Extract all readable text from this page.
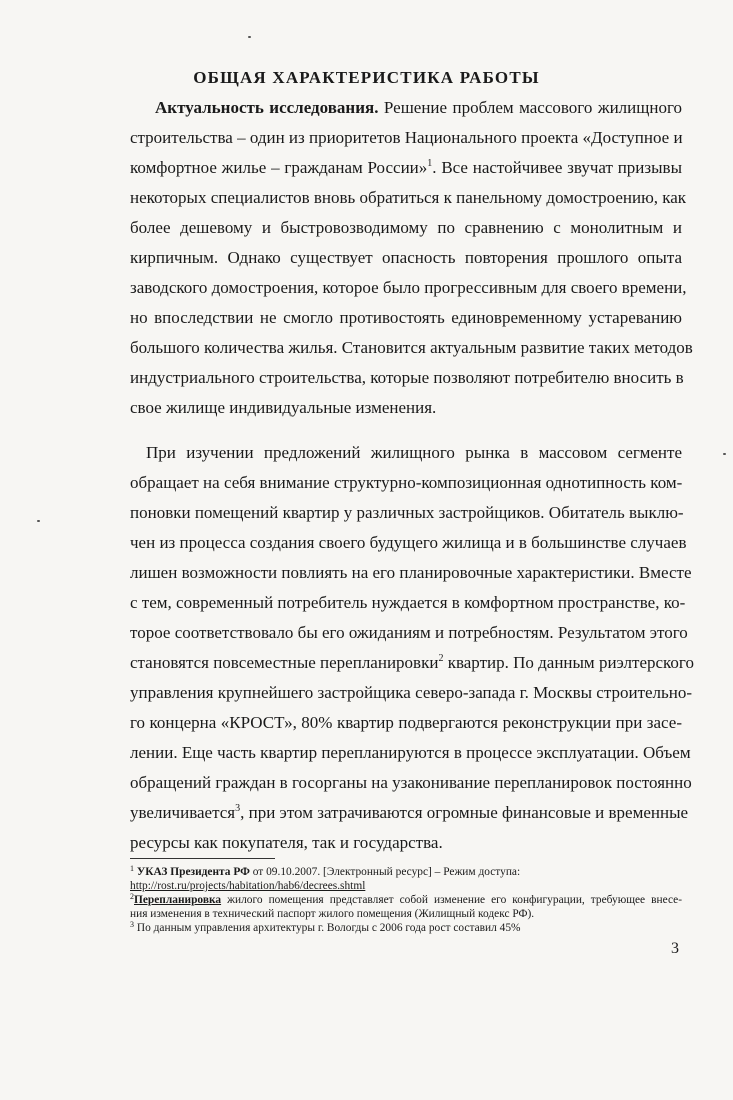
ОБЩАЯ ХАРАКТЕРИСТИКА РАБОТЫ
Актуальность исследования. Решение проблем массового жилищного
строительства – один из приоритетов Национального проекта «Доступное и
комфортное жилье – гражданам России»$^1$. Все настойчивее звучат призывы
некоторых специалистов вновь обратиться к панельному домостроению, как
более дешевому и быстровозводимому по сравнению с монолитным и
кирпичным. Однако существует опасность повторения прошлого опыта
заводского домостроения, которое было прогрессивным для своего времени,
но впоследствии не смогло противостоять единовременному устареванию
большого количества жилья. Становится актуальным развитие таких методов
индустриального строительства, которые позволяют потребителю вносить в
свое жилище индивидуальные изменения.
При изучении предложений жилищного рынка в массовом сегменте
обращает на себя внимание структурно-композиционная однотипность ком-
поновки помещений квартир у различных застройщиков. Обитатель выклю-
чен из процесса создания своего будущего жилища и в большинстве случаев
лишен возможности повлиять на его планировочные характеристики. Вместе
с тем, современный потребитель нуждается в комфортном пространстве, ко-
торое соответствовало бы его ожиданиям и потребностям. Результатом этого
становятся повсеместные перепланировки$^2$ квартир. По данным риэлтерского
управления крупнейшего застройщика северо-запада г. Москвы строительно-
го концерна «КРОСТ», 80% квартир подвергаются реконструкции при засе-
лении. Еще часть квартир перепланируются в процессе эксплуатации. Объем
обращений граждан в госорганы на узаконивание перепланировок постоянно
увеличивается$^3$, при этом затрачиваются огромные финансовые и временные
ресурсы как покупателя, так и государства.
$^1$ УКАЗ Президента РФ от 09.10.2007. [Электронный ресурс] – Режим доступа:
http://rost.ru/projects/habitation/hab6/decrees.shtml
$^2$Перепланировка жилого помещения представляет собой изменение его конфигурации, требующее внесе-
ния изменения в технический паспорт жилого помещения (Жилищный кодекс РФ).
$^3$ По данным управления архитектуры г. Вологды с 2006 года рост составил 45%
3
